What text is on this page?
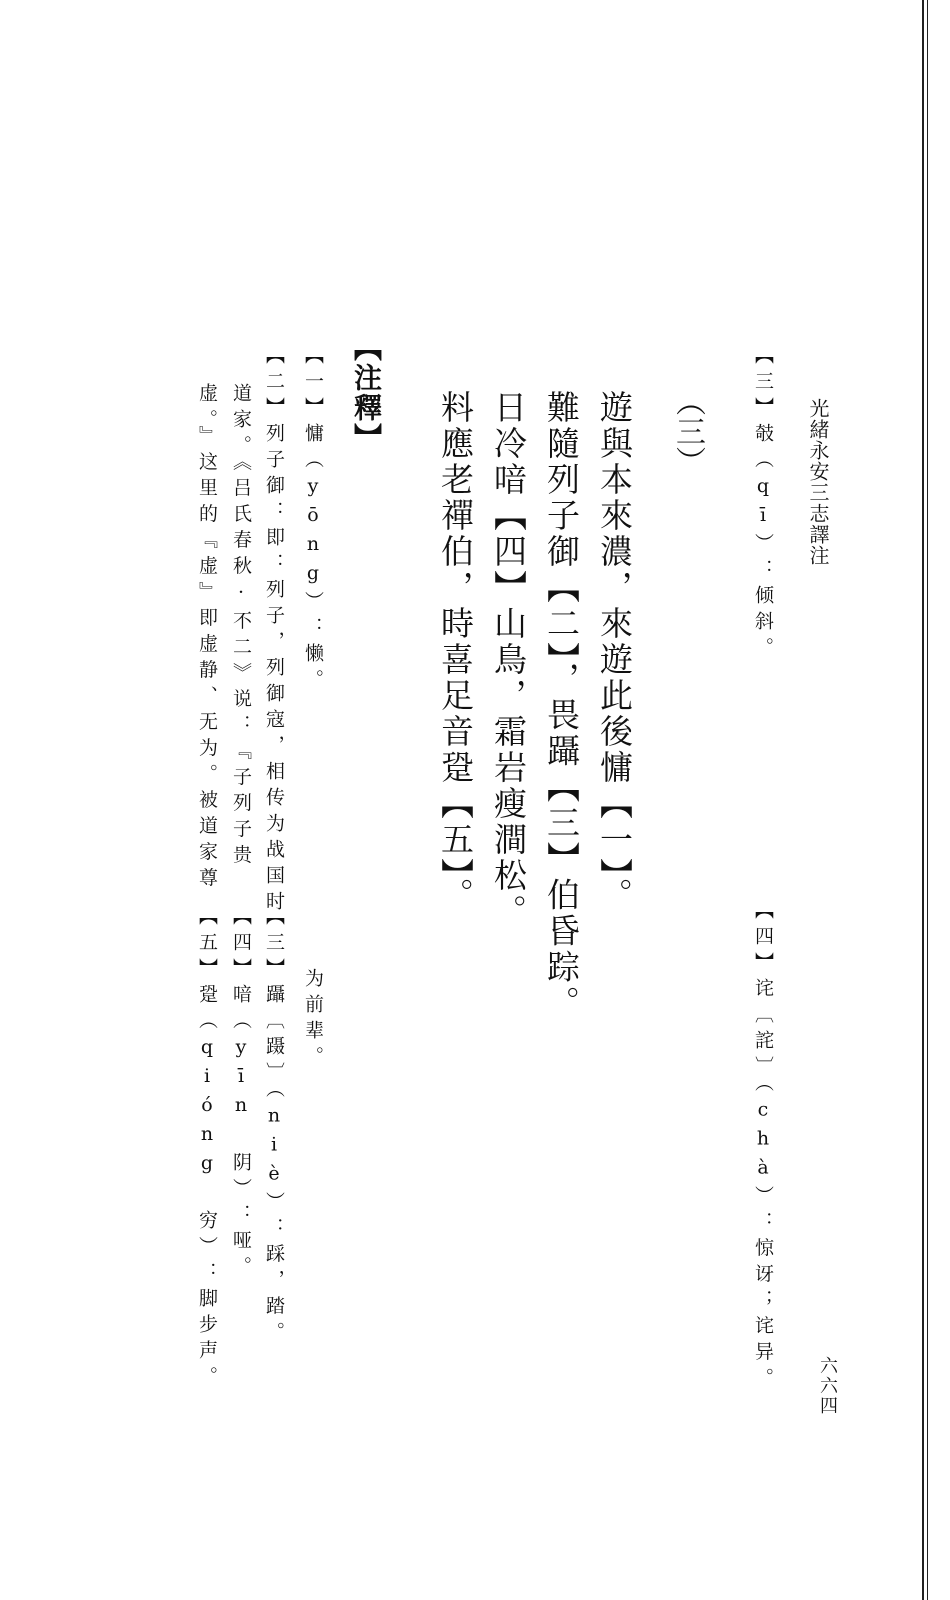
光緒永安三志譯注
【三】攲（qī）：倾斜。
【四】诧〔詫〕（chà）：惊讶；诧异。
（三）
遊與本來濃，來遊此後慵【一】。
難隨列子御【二】，畏躡【三】伯昏踪。
日冷喑【四】山鳥，霜岩瘦澗松。
料應老禪伯，時喜足音跫【五】。
【注釋】
【一】慵（yōng）：懒。
【二】列子御：即：列子，列御寇，相传为战国时
道家。《吕氏春秋·不二》说：『子列子贵
虚。』这里的『虚』即虚静、无为。被道家尊
为前辈。
【三】躡〔蹑〕（niè）：踩，踏。
【四】喑（yīn 阴）：哑。
【五】跫（qióng 穷）：脚步声。	六六四
